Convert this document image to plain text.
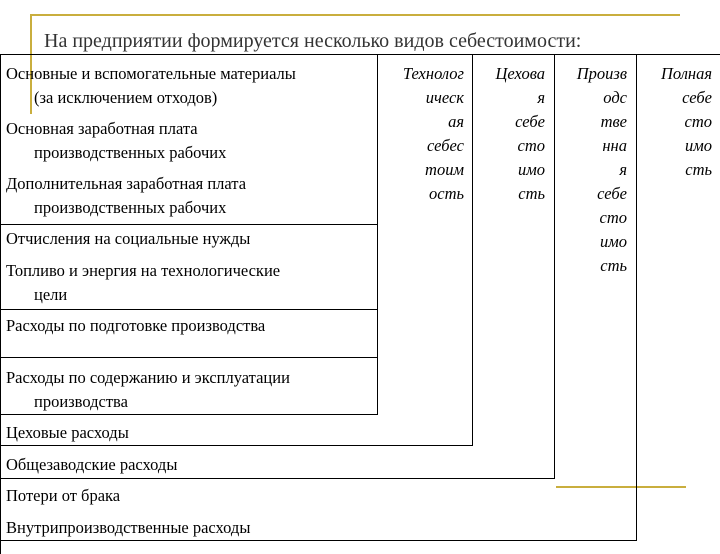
На предприятии формируется несколько видов себестоимости:
Основные и вспомогательные материалы
(за исключением отходов)
Основная заработная плата
производственных рабочих
Дополнительная заработная плата
производственных рабочих
Отчисления на социальные нужды
Топливо и энергия на технологические
цели
Расходы по подготовке производства
Расходы по содержанию и эксплуатации
производства
Цеховые расходы
Общезаводские расходы
Потери от брака
Внутрипроизводственные расходы
Технолог
ическ
ая
себес
тоим
ость
Цехова
я
себе
сто
имо
сть
Произв
одс
тве
нна
я
себе
сто
имо
сть
Полная
себе
сто
имо
сть
